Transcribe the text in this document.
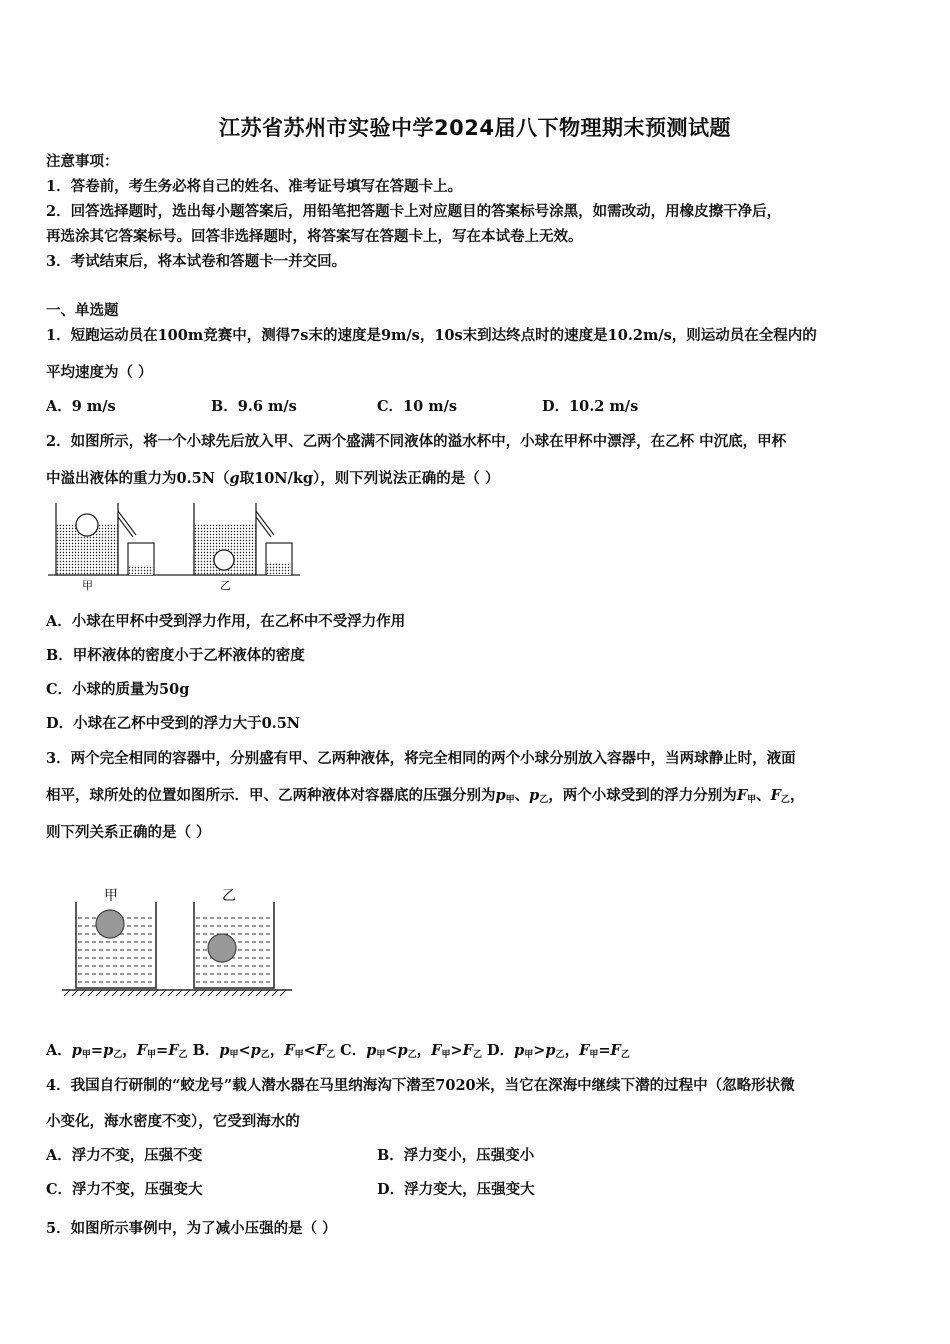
江苏省苏州市实验中学2024届八下物理期末预测试题
注意事项：
1．答卷前，考生务必将自己的姓名、准考证号填写在答题卡上。
2．回答选择题时，选出每小题答案后，用铅笔把答题卡上对应题目的答案标号涂黑，如需改动，用橡皮擦干净后，
再选涂其它答案标号。回答非选择题时，将答案写在答题卡上，写在本试卷上无效。
3．考试结束后，将本试卷和答题卡一并交回。
一、单选题
1．短跑运动员在100m竞赛中，测得7s末的速度是9m/s，10s末到达终点时的速度是10.2m/s，则运动员在全程内的
平均速度为（ ）
A．9 m/s	B．9.6 m/s	C．10 m/s	D．10.2 m/s
2．如图所示，将一个小球先后放入甲、乙两个盛满不同液体的溢水杯中，小球在甲杯中漂浮，在乙杯 中沉底，甲杯
中溢出液体的重力为0.5N（g取10N/kg），则下列说法正确的是（ ）
甲	乙
A．小球在甲杯中受到浮力作用，在乙杯中不受浮力作用
B．甲杯液体的密度小于乙杯液体的密度
C．小球的质量为50g
D．小球在乙杯中受到的浮力大于0.5N
3．两个完全相同的容器中，分别盛有甲、乙两种液体，将完全相同的两个小球分别放入容器中，当两球静止时，液面
相平，球所处的位置如图所示．甲、乙两种液体对容器底的压强分别为$p_甲$、$p_乙$，两个小球受到的浮力分别为$F_甲$、$F_乙$，
则下列关系正确的是（ ）
甲	乙
A．$p_甲=p_乙$，$F_甲=F_乙$ B．$p_甲<p_乙$，$F_甲<F_乙$ C．$p_甲<p_乙$，$F_甲>F_乙$ D．$p_甲>p_乙$，$F_甲=F_乙$
4．我国自行研制的“蛟龙号”载人潜水器在马里纳海沟下潜至7020米，当它在深海中继续下潜的过程中（忽略形状微
小变化，海水密度不变），它受到海水的
A．浮力不变，压强不变	B．浮力变小，压强变小
C．浮力不变，压强变大	D．浮力变大，压强变大
5．如图所示事例中，为了减小压强的是（ ）
